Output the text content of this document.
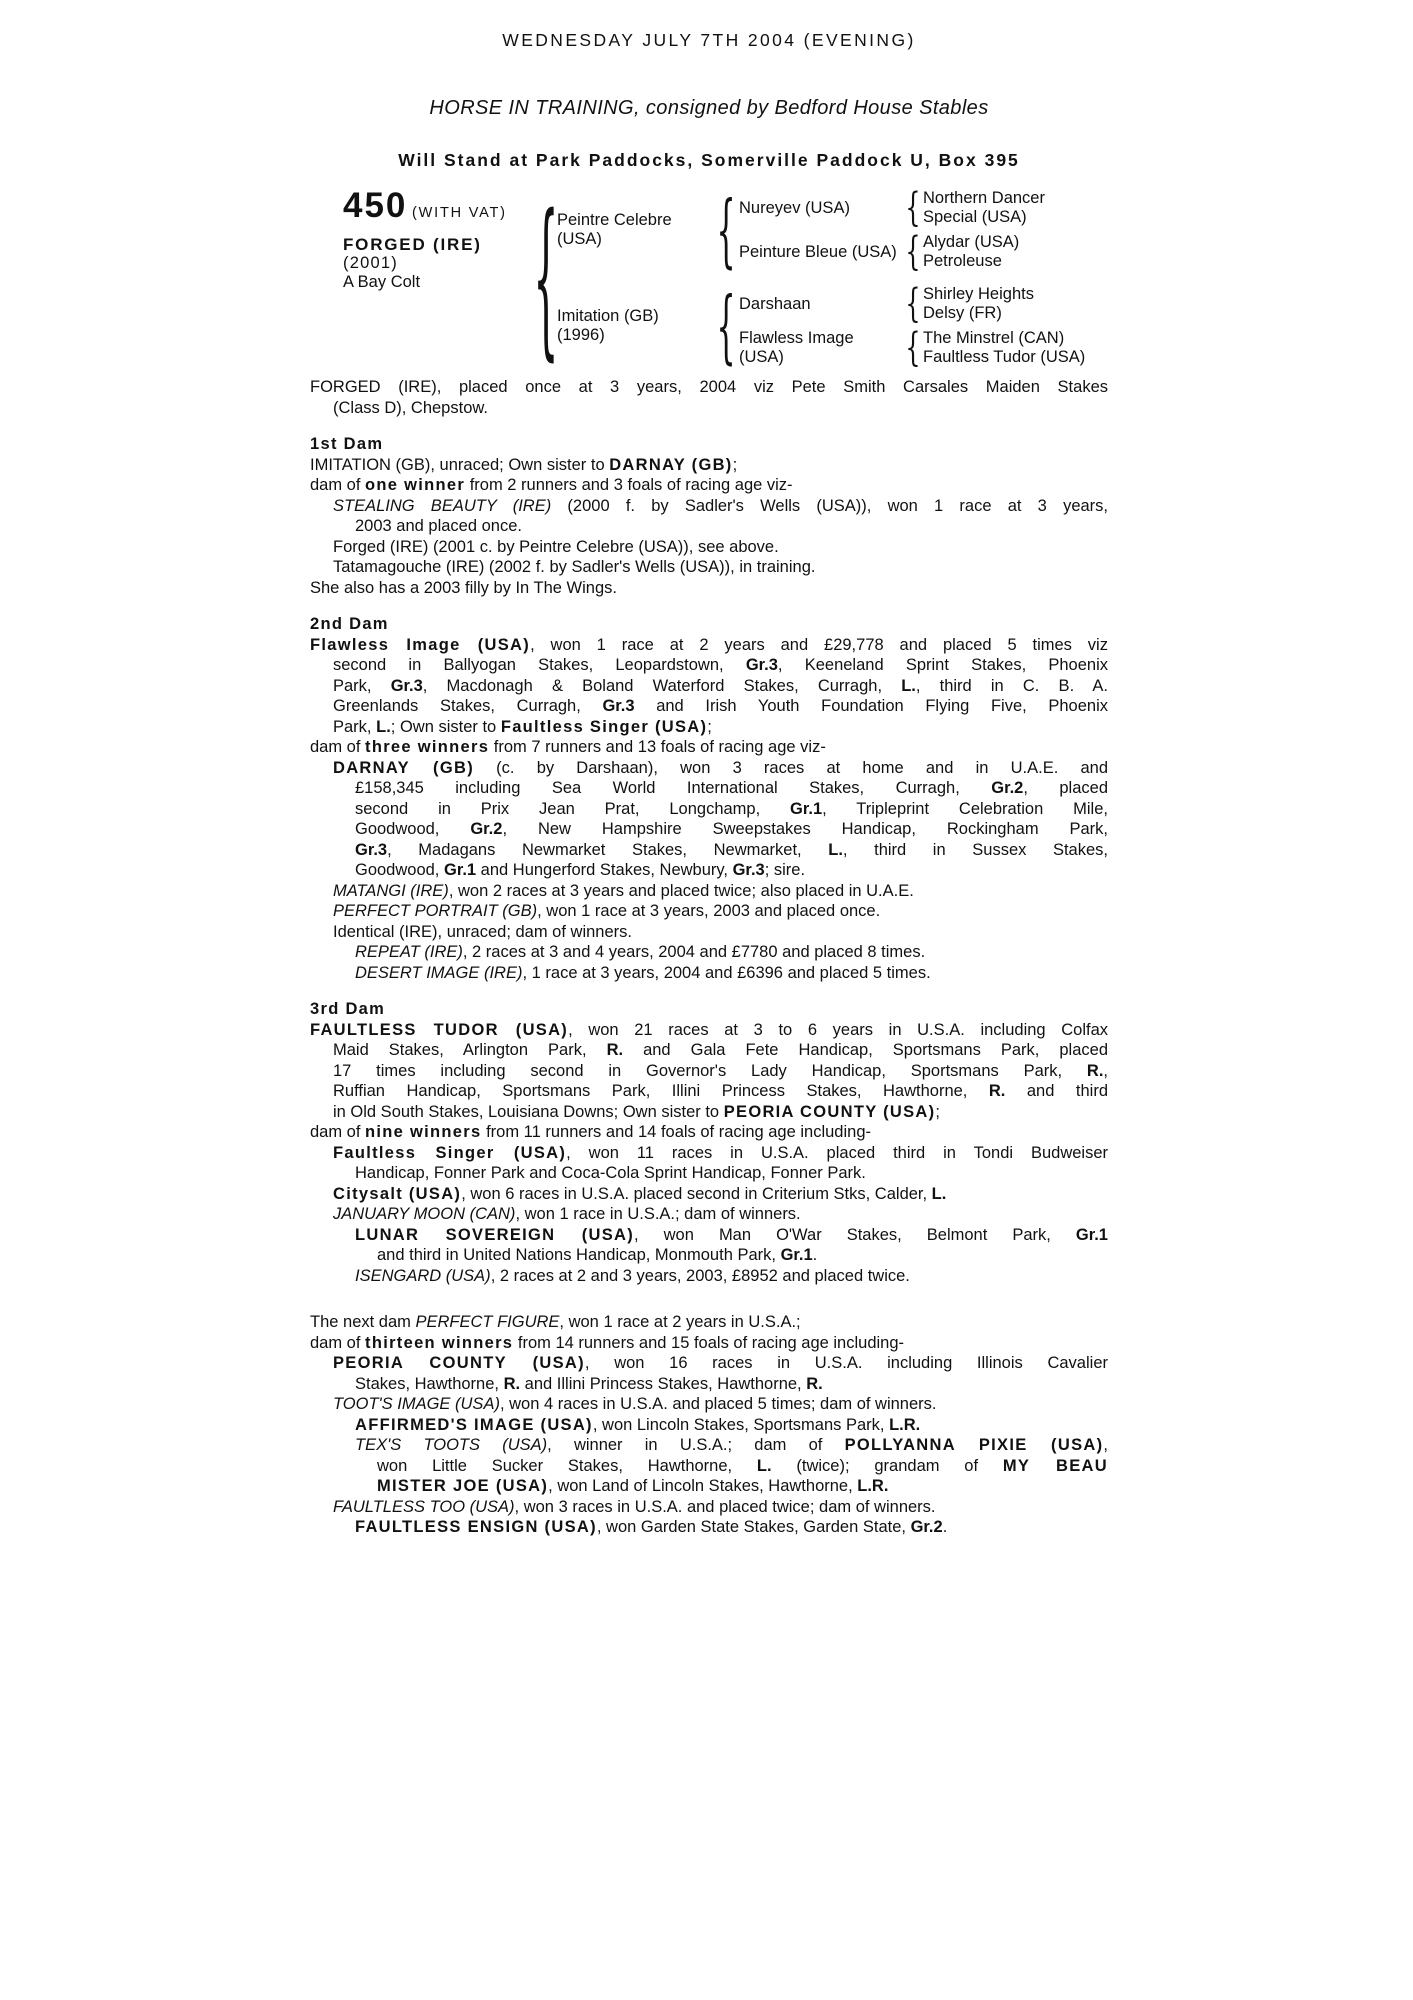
WEDNESDAY JULY 7TH 2004 (EVENING)
HORSE IN TRAINING, consigned by Bedford House Stables
Will Stand at Park Paddocks, Somerville Paddock U, Box 395
450 (WITH VAT)
FORGED (IRE)
(2001)
A Bay Colt
{
Peintre Celebre
(USA)
Imitation (GB)
(1996)
{
{
Nureyev (USA)
Peinture Bleue (USA)
Darshaan
Flawless Image
(USA)
{
{
{
{
Northern Dancer
Special (USA)
Alydar (USA)
Petroleuse
Shirley Heights
Delsy (FR)
The Minstrel (CAN)
Faultless Tudor (USA)
FORGED (IRE), placed once at 3 years, 2004 viz Pete Smith Carsales Maiden Stakes
(Class D), Chepstow.
1st Dam
IMITATION (GB), unraced; Own sister to DARNAY (GB);
dam of one winner from 2 runners and 3 foals of racing age viz-
STEALING BEAUTY (IRE) (2000 f. by Sadler's Wells (USA)), won 1 race at 3 years,
2003 and placed once.
Forged (IRE) (2001 c. by Peintre Celebre (USA)), see above.
Tatamagouche (IRE) (2002 f. by Sadler's Wells (USA)), in training.
She also has a 2003 filly by In The Wings.
2nd Dam
Flawless Image (USA), won 1 race at 2 years and £29,778 and placed 5 times viz
second in Ballyogan Stakes, Leopardstown, Gr.3, Keeneland Sprint Stakes, Phoenix
Park, Gr.3, Macdonagh & Boland Waterford Stakes, Curragh, L., third in C. B. A.
Greenlands Stakes, Curragh, Gr.3 and Irish Youth Foundation Flying Five, Phoenix
Park, L.; Own sister to Faultless Singer (USA);
dam of three winners from 7 runners and 13 foals of racing age viz-
DARNAY (GB) (c. by Darshaan), won 3 races at home and in U.A.E. and
£158,345 including Sea World International Stakes, Curragh, Gr.2, placed
second in Prix Jean Prat, Longchamp, Gr.1, Tripleprint Celebration Mile,
Goodwood, Gr.2, New Hampshire Sweepstakes Handicap, Rockingham Park,
Gr.3, Madagans Newmarket Stakes, Newmarket, L., third in Sussex Stakes,
Goodwood, Gr.1 and Hungerford Stakes, Newbury, Gr.3; sire.
MATANGI (IRE), won 2 races at 3 years and placed twice; also placed in U.A.E.
PERFECT PORTRAIT (GB), won 1 race at 3 years, 2003 and placed once.
Identical (IRE), unraced; dam of winners.
REPEAT (IRE), 2 races at 3 and 4 years, 2004 and £7780 and placed 8 times.
DESERT IMAGE (IRE), 1 race at 3 years, 2004 and £6396 and placed 5 times.
3rd Dam
FAULTLESS TUDOR (USA), won 21 races at 3 to 6 years in U.S.A. including Colfax
Maid Stakes, Arlington Park, R. and Gala Fete Handicap, Sportsmans Park, placed
17 times including second in Governor's Lady Handicap, Sportsmans Park, R.,
Ruffian Handicap, Sportsmans Park, Illini Princess Stakes, Hawthorne, R. and third
in Old South Stakes, Louisiana Downs; Own sister to PEORIA COUNTY (USA);
dam of nine winners from 11 runners and 14 foals of racing age including-
Faultless Singer (USA), won 11 races in U.S.A. placed third in Tondi Budweiser
Handicap, Fonner Park and Coca-Cola Sprint Handicap, Fonner Park.
Citysalt (USA), won 6 races in U.S.A. placed second in Criterium Stks, Calder, L.
JANUARY MOON (CAN), won 1 race in U.S.A.; dam of winners.
LUNAR SOVEREIGN (USA), won Man O'War Stakes, Belmont Park, Gr.1
and third in United Nations Handicap, Monmouth Park, Gr.1.
ISENGARD (USA), 2 races at 2 and 3 years, 2003, £8952 and placed twice.
The next dam PERFECT FIGURE, won 1 race at 2 years in U.S.A.;
dam of thirteen winners from 14 runners and 15 foals of racing age including-
PEORIA COUNTY (USA), won 16 races in U.S.A. including Illinois Cavalier
Stakes, Hawthorne, R. and Illini Princess Stakes, Hawthorne, R.
TOOT'S IMAGE (USA), won 4 races in U.S.A. and placed 5 times; dam of winners.
AFFIRMED'S IMAGE (USA), won Lincoln Stakes, Sportsmans Park, L.R.
TEX'S TOOTS (USA), winner in U.S.A.; dam of POLLYANNA PIXIE (USA),
won Little Sucker Stakes, Hawthorne, L. (twice); grandam of MY BEAU
MISTER JOE (USA), won Land of Lincoln Stakes, Hawthorne, L.R.
FAULTLESS TOO (USA), won 3 races in U.S.A. and placed twice; dam of winners.
FAULTLESS ENSIGN (USA), won Garden State Stakes, Garden State, Gr.2.
